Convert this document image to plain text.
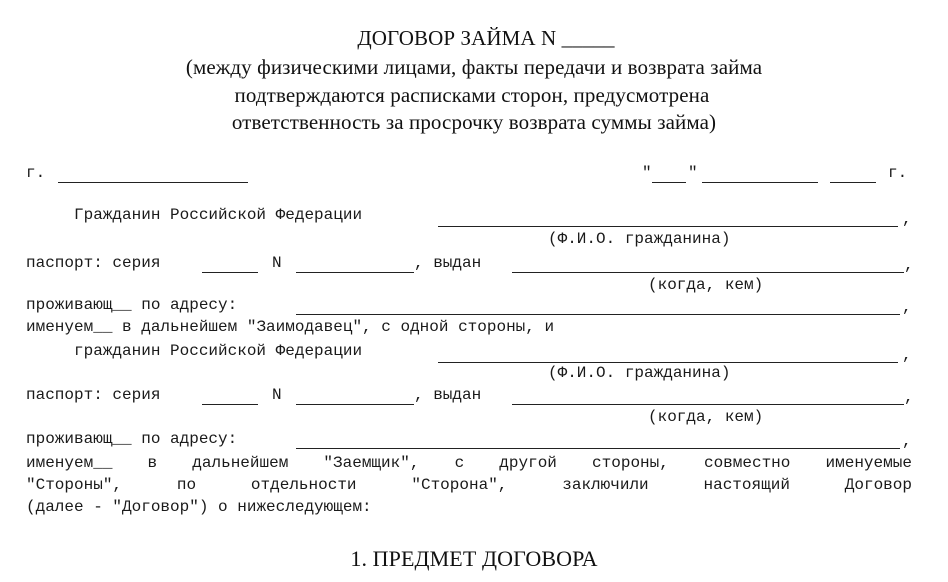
ДОГОВОР ЗАЙМА N _____
(между физическими лицами, факты передачи и возврата займа
подтверждаются расписками сторон, предусмотрена
ответственность за просрочку возврата суммы займа)
г.	" "	г.
Гражданин Российской Федерации	,
(Ф.И.О. гражданина)
паспорт: серия	N	, выдан	,
(когда, кем)
проживающ__ по адресу:	,
именуем__ в дальнейшем "Заимодавец", с одной стороны, и
гражданин Российской Федерации	,
(Ф.И.О. гражданина)
паспорт: серия	N	, выдан	,
(когда, кем)
проживающ__ по адресу:	,
именуем__ в дальнейшем "Заемщик", с другой стороны, совместно именуемые
"Стороны",	по	отдельности	"Сторона",	заключили	настоящий	Договор
(далее - "Договор") о нижеследующем:
1. ПРЕДМЕТ ДОГОВОРА
